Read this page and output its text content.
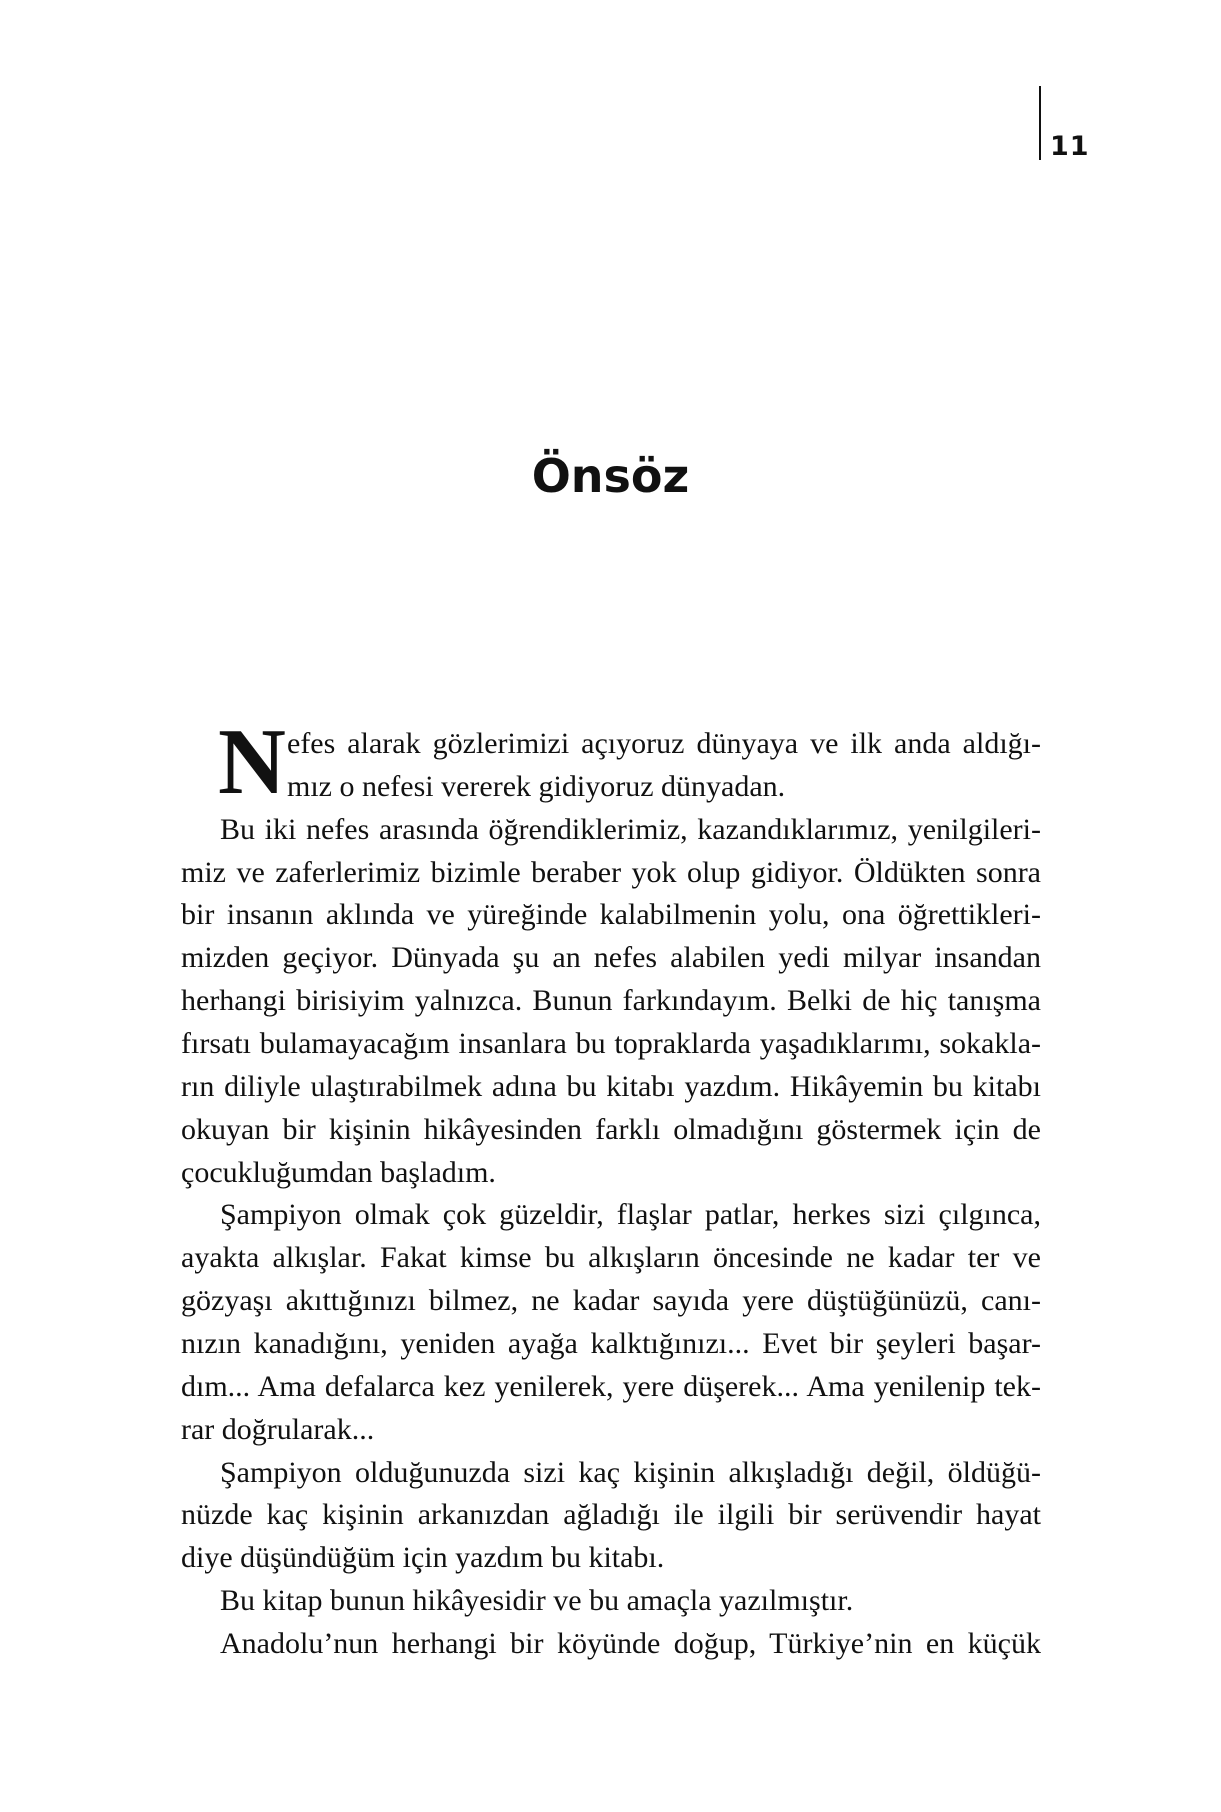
11
Önsöz
N efes alarak gözlerimizi açıyoruz dünyaya ve ilk anda aldığı-
mız o nefesi vererek gidiyoruz dünyadan.
Bu iki nefes arasında öğrendiklerimiz, kazandıklarımız, yenilgileri-
miz ve zaferlerimiz bizimle beraber yok olup gidiyor. Öldükten sonra
bir insanın aklında ve yüreğinde kalabilmenin yolu, ona öğrettikleri-
mizden geçiyor. Dünyada şu an nefes alabilen yedi milyar insandan
herhangi birisiyim yalnızca. Bunun farkındayım. Belki de hiç tanışma
fırsatı bulamayacağım insanlara bu topraklarda yaşadıklarımı, sokakla-
rın diliyle ulaştırabilmek adına bu kitabı yazdım. Hikâyemin bu kitabı
okuyan bir kişinin hikâyesinden farklı olmadığını göstermek için de
çocukluğumdan başladım.
Şampiyon olmak çok güzeldir, flaşlar patlar, herkes sizi çılgınca,
ayakta alkışlar. Fakat kimse bu alkışların öncesinde ne kadar ter ve
gözyaşı akıttığınızı bilmez, ne kadar sayıda yere düştüğünüzü, canı-
nızın kanadığını, yeniden ayağa kalktığınızı... Evet bir şeyleri başar-
dım... Ama defalarca kez yenilerek, yere düşerek... Ama yenilenip tek-
rar doğrularak...
Şampiyon olduğunuzda sizi kaç kişinin alkışladığı değil, öldüğü-
nüzde kaç kişinin arkanızdan ağladığı ile ilgili bir serüvendir hayat
diye düşündüğüm için yazdım bu kitabı.
Bu kitap bunun hikâyesidir ve bu amaçla yazılmıştır.
Anadolu’nun herhangi bir köyünde doğup, Türkiye’nin en küçük
